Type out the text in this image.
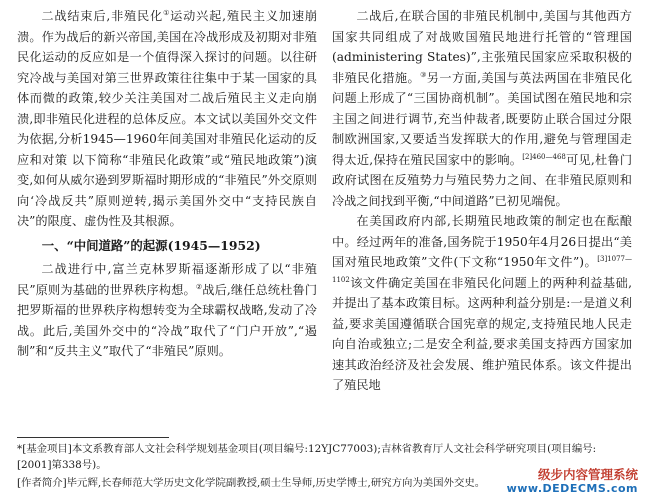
二战结束后,非殖民化①运动兴起,殖民主义加速崩溃。作为战后的新兴帝国,美国在冷战形成及初期对非殖民化运动的反应如是一个值得深入探讨的问题。以往研究冷战与美国对第三世界政策往往集中于某一国家的具体而微的政策,较少关注美国对二战后殖民主义走向崩溃,即非殖民化进程的总体反应。本文试以美国外交文件为依据,分析1945—1960年间美国对非殖民化运动的反应和对策 以下简称“非殖民化政策”或“殖民地政策”)演变,如何从威尔逊到罗斯福时期形成的“非殖民”外交原则向‘冷战反共”原则逆转,揭示美国外交中“支持民族自决”的限度、虚伪性及其根源。

一、“中间道路”的起源(1945—1952)

二战进行中,富兰克林罗斯福逐渐形成了以“非殖民”原则为基础的世界秩序构想。②战后,继任总统杜鲁门把罗斯福的世界秩序构想转变为全球霸权战略,发动了冷战。此后,美国外交中的“冷战”取代了“门户开放”,“遏制”和“反共主义”取代了“非殖民”原则。

二战后,在联合国的非殖民机制中,美国与其他西方国家共同组成了对战败国殖民地进行托管的“管理国(administering States)”,主张殖民国家应采取积极的非殖民化措施。③另一方面,美国与英法两国在非殖民化问题上形成了“三国协商机制”。美国试图在殖民地和宗主国之间进行调节,充当仲裁者,既要防止联合国过分限制欧洲国家,又要适当发挥联大的作用,避免与管理国走得太近,保持在殖民国家中的影响。$^{[2]460—468}$可见,杜鲁门政府试图在反殖势力与殖民势力之间、在非殖民原则和冷战之间找到平衡,“中间道路”已初见端倪。

在美国政府内部,长期殖民地政策的制定也在酝酿中。经过两年的准备,国务院于1950年4月26日提出“美国对殖民地政策”文件(下文称“1950年文件”)。$^{[3]1077—1102}$该文件确定美国在非殖民化问题上的两种利益基础,并提出了基本政策目标。这两种利益分别是:一是道义利益,要求美国遵循联合国宪章的规定,支持殖民地人民走向自治或独立;二是安全利益,要求美国支持西方国家加速其政治经济及社会发展、维护殖民体系。该文件提出了殖民地

*[基金项目]本文系教育部人文社会科学规划基金项目(项目编号:12YJC77003);吉林省教育厅人文社会科学研究项目(项目编号:[2001]第338号)。

[作者简介]毕元辉,长春师范大学历史文化学院副教授,硕士生导师,历史学博士,研究方向为美国外交史。

级步内容管理系统
www.DEDECMS.com
